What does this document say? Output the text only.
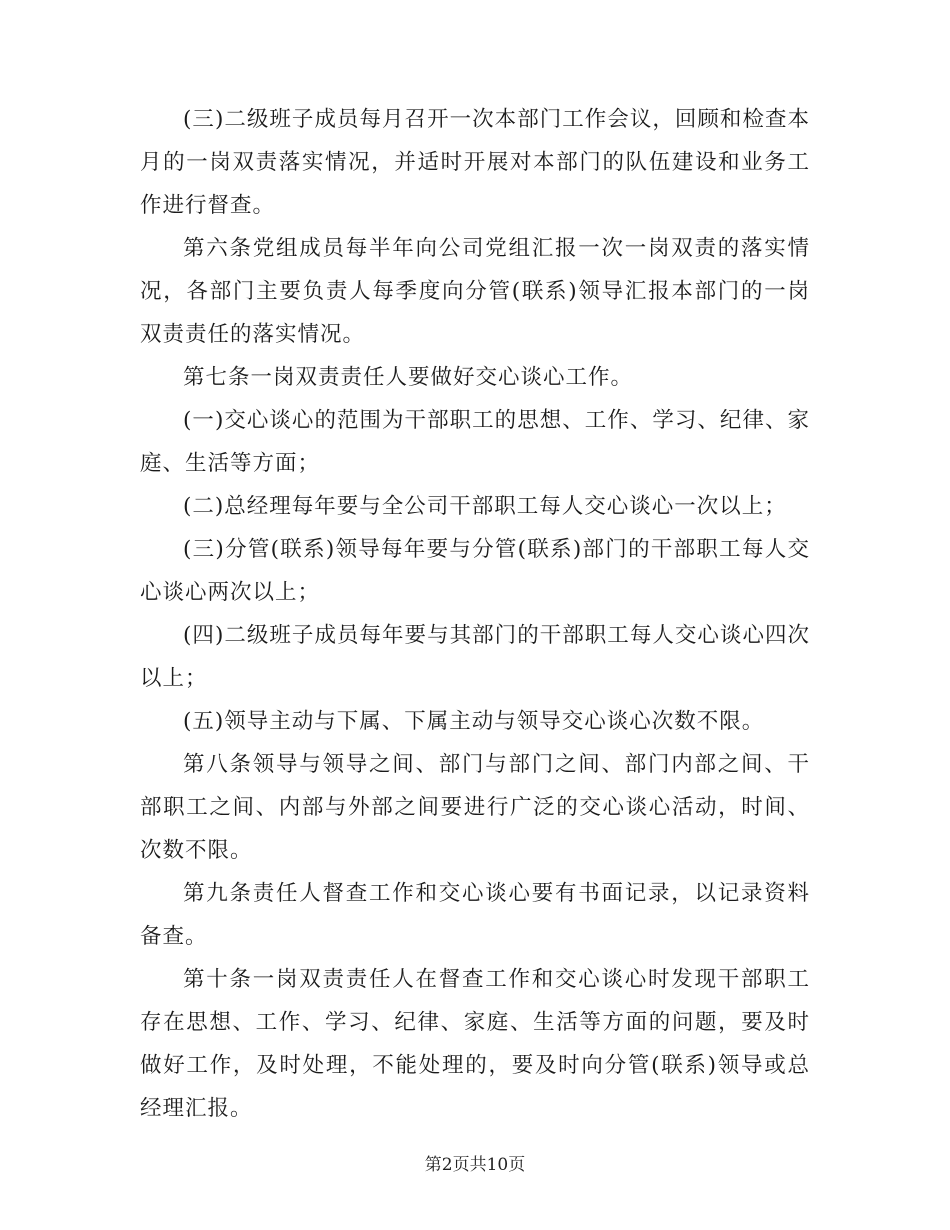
(三)二级班子成员每月召开一次本部门工作会议，回顾和检查本月的一岗双责落实情况，并适时开展对本部门的队伍建设和业务工作进行督查。

第六条党组成员每半年向公司党组汇报一次一岗双责的落实情况，各部门主要负责人每季度向分管(联系)领导汇报本部门的一岗双责责任的落实情况。

第七条一岗双责责任人要做好交心谈心工作。

(一)交心谈心的范围为干部职工的思想、工作、学习、纪律、家庭、生活等方面；

(二)总经理每年要与全公司干部职工每人交心谈心一次以上；

(三)分管(联系)领导每年要与分管(联系)部门的干部职工每人交心谈心两次以上；

(四)二级班子成员每年要与其部门的干部职工每人交心谈心四次以上；

(五)领导主动与下属、下属主动与领导交心谈心次数不限。

第八条领导与领导之间、部门与部门之间、部门内部之间、干部职工之间、内部与外部之间要进行广泛的交心谈心活动，时间、次数不限。

第九条责任人督查工作和交心谈心要有书面记录，以记录资料备查。

第十条一岗双责责任人在督查工作和交心谈心时发现干部职工存在思想、工作、学习、纪律、家庭、生活等方面的问题，要及时做好工作，及时处理，不能处理的，要及时向分管(联系)领导或总经理汇报。

第2页共10页
